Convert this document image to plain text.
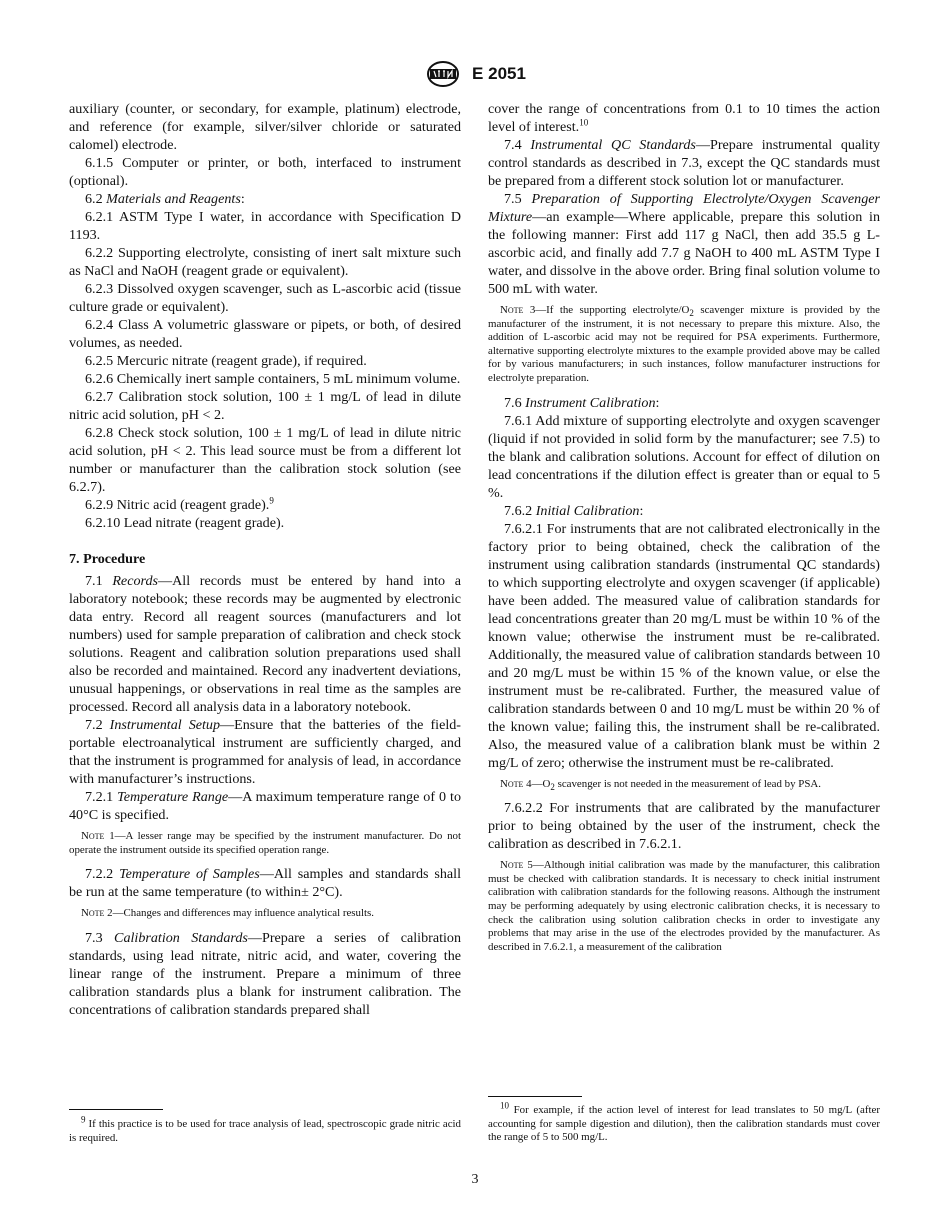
E 2051

auxiliary (counter, or secondary, for example, platinum) electrode, and reference (for example, silver/silver chloride or saturated calomel) electrode.

6.1.5 Computer or printer, or both, interfaced to instrument (optional).

6.2 Materials and Reagents:

6.2.1 ASTM Type I water, in accordance with Specification D 1193.

6.2.2 Supporting electrolyte, consisting of inert salt mixture such as NaCl and NaOH (reagent grade or equivalent).

6.2.3 Dissolved oxygen scavenger, such as L-ascorbic acid (tissue culture grade or equivalent).

6.2.4 Class A volumetric glassware or pipets, or both, of desired volumes, as needed.

6.2.5 Mercuric nitrate (reagent grade), if required.

6.2.6 Chemically inert sample containers, 5 mL minimum volume.

6.2.7 Calibration stock solution, 100 ± 1 mg/L of lead in dilute nitric acid solution, pH < 2.

6.2.8 Check stock solution, 100 ± 1 mg/L of lead in dilute nitric acid solution, pH < 2. This lead source must be from a different lot number or manufacturer than the calibration stock solution (see 6.2.7).

6.2.9 Nitric acid (reagent grade).$^9$

6.2.10 Lead nitrate (reagent grade).

7. Procedure

7.1 Records—All records must be entered by hand into a laboratory notebook; these records may be augmented by electronic data entry. Record all reagent sources (manufacturers and lot numbers) used for sample preparation of calibration and check stock solutions. Reagent and calibration solution preparations used shall also be recorded and maintained. Record any inadvertent deviations, unusual happenings, or observations in real time as the samples are processed. Record all analysis data in a laboratory notebook.

7.2 Instrumental Setup—Ensure that the batteries of the field-portable electroanalytical instrument are sufficiently charged, and that the instrument is programmed for analysis of lead, in accordance with manufacturer’s instructions.

7.2.1 Temperature Range—A maximum temperature range of 0 to 40°C is specified.

Note 1—A lesser range may be specified by the instrument manufacturer. Do not operate the instrument outside its specified operation range.

7.2.2 Temperature of Samples—All samples and standards shall be run at the same temperature (to within± 2°C).

Note 2—Changes and differences may influence analytical results.

7.3 Calibration Standards—Prepare a series of calibration standards, using lead nitrate, nitric acid, and water, covering the linear range of the instrument. Prepare a minimum of three calibration standards plus a blank for instrument calibration. The concentrations of calibration standards prepared shall

$^9$ If this practice is to be used for trace analysis of lead, spectroscopic grade nitric acid is required.

cover the range of concentrations from 0.1 to 10 times the action level of interest.$^{10}$

7.4 Instrumental QC Standards—Prepare instrumental quality control standards as described in 7.3, except the QC standards must be prepared from a different stock solution lot or manufacturer.

7.5 Preparation of Supporting Electrolyte/Oxygen Scavenger Mixture—an example—Where applicable, prepare this solution in the following manner: First add 117 g NaCl, then add 35.5 g L-ascorbic acid, and finally add 7.7 g NaOH to 400 mL ASTM Type I water, and dissolve in the above order. Bring final solution volume to 500 mL with water.

Note 3—If the supporting electrolyte/$O_2$ scavenger mixture is provided by the manufacturer of the instrument, it is not necessary to prepare this mixture. Also, the addition of L-ascorbic acid may not be required for PSA experiments. Furthermore, alternative supporting electrolyte mixtures to the example provided above may be called for by various manufacturers; in such instances, follow manufacturer instructions for electrolyte preparation.

7.6 Instrument Calibration:

7.6.1 Add mixture of supporting electrolyte and oxygen scavenger (liquid if not provided in solid form by the manufacturer; see 7.5) to the blank and calibration solutions. Account for effect of dilution on lead concentrations if the dilution effect is greater than or equal to 5 %.

7.6.2 Initial Calibration:

7.6.2.1 For instruments that are not calibrated electronically in the factory prior to being obtained, check the calibration of the instrument using calibration standards (instrumental QC standards) to which supporting electrolyte and oxygen scavenger (if applicable) have been added. The measured value of calibration standards for lead concentrations greater than 20 mg/L must be within 10 % of the known value; otherwise the instrument must be re-calibrated. Additionally, the measured value of calibration standards between 10 and 20 mg/L must be within 15 % of the known value, or else the instrument must be re-calibrated. Further, the measured value of calibration standards between 0 and 10 mg/L must be within 20 % of the known value; failing this, the instrument shall be re-calibrated. Also, the measured value of a calibration blank must be within 2 mg/L of zero; otherwise the instrument must be re-calibrated.

Note $4—O_2$ scavenger is not needed in the measurement of lead by PSA.

7.6.2.2 For instruments that are calibrated by the manufacturer prior to being obtained by the user of the instrument, check the calibration as described in 7.6.2.1.

Note 5—Although initial calibration was made by the manufacturer, this calibration must be checked with calibration standards. It is necessary to check initial instrument calibration with calibration standards for the following reasons. Although the instrument may be performing adequately by using electronic calibration checks, it is necessary to check the calibration using solution calibration checks in order to investigate any problems that may arise in the use of the electrodes provided by the manufacturer. As described in 7.6.2.1, a measurement of the calibration

$^{10}$ For example, if the action level of interest for lead translates to 50 mg/L (after accounting for sample digestion and dilution), then the calibration standards must cover the range of 5 to 500 mg/L.
3
